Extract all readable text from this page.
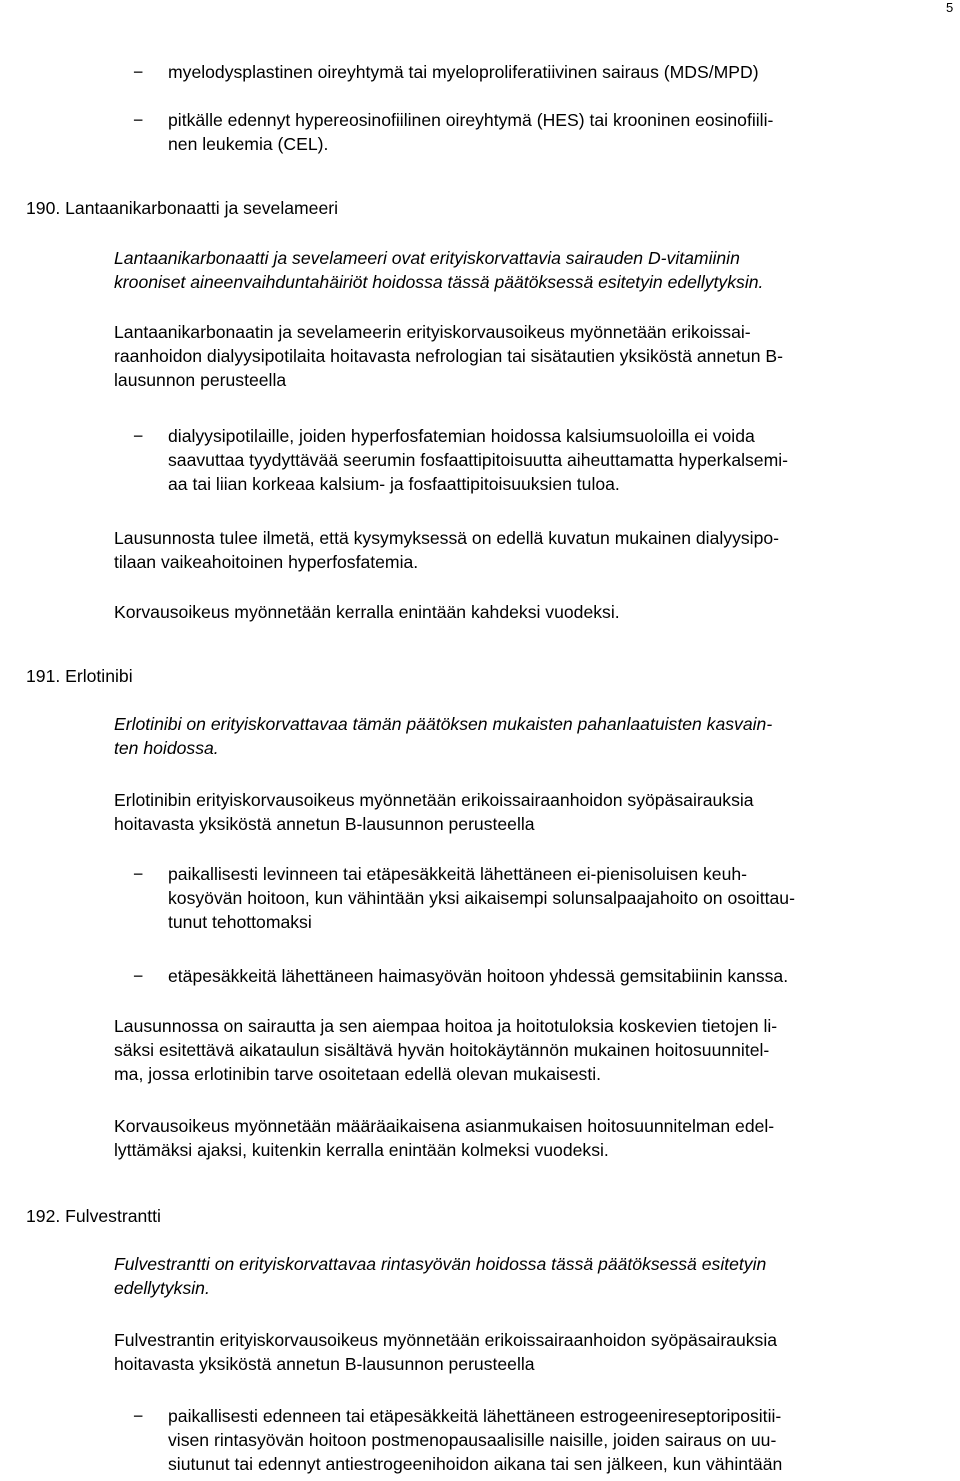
5
− myelodysplastinen oireyhtymä tai myeloproliferatiivinen sairaus (MDS/MPD)
− pitkälle edennyt hypereosinofiilinen oireyhtymä (HES) tai krooninen eosinofiili-
nen leukemia (CEL).
190. Lantaanikarbonaatti ja sevelameeri
Lantaanikarbonaatti ja sevelameeri ovat erityiskorvattavia sairauden D-vitamiinin
krooniset aineenvaihduntahäiriöt hoidossa tässä päätöksessä esitetyin edellytyksin.
Lantaanikarbonaatin ja sevelameerin erityiskorvausoikeus myönnetään erikoissai-
raanhoidon dialyysipotilaita hoitavasta nefrologian tai sisätautien yksiköstä annetun B-
lausunnon perusteella
− dialyysipotilaille, joiden hyperfosfatemian hoidossa kalsiumsuoloilla ei voida
saavuttaa tyydyttävää seerumin fosfaattipitoisuutta aiheuttamatta hyperkalsemi-
aa tai liian korkeaa kalsium- ja fosfaattipitoisuuksien tuloa.
Lausunnosta tulee ilmetä, että kysymyksessä on edellä kuvatun mukainen dialyysipo-
tilaan vaikeahoitoinen hyperfosfatemia.
Korvausoikeus myönnetään kerralla enintään kahdeksi vuodeksi.
191. Erlotinibi
Erlotinibi on erityiskorvattavaa tämän päätöksen mukaisten pahanlaatuisten kasvain-
ten hoidossa.
Erlotinibin erityiskorvausoikeus myönnetään erikoissairaanhoidon syöpäsairauksia
hoitavasta yksiköstä annetun B-lausunnon perusteella
− paikallisesti levinneen tai etäpesäkkeitä lähettäneen ei-pienisoluisen keuh-
kosyövän hoitoon, kun vähintään yksi aikaisempi solunsalpaajahoito on osoittau-
tunut tehottomaksi
− etäpesäkkeitä lähettäneen haimasyövän hoitoon yhdessä gemsitabiinin kanssa.
Lausunnossa on sairautta ja sen aiempaa hoitoa ja hoitotuloksia koskevien tietojen li-
säksi esitettävä aikataulun sisältävä hyvän hoitokäytännön mukainen hoitosuunnitel-
ma, jossa erlotinibin tarve osoitetaan edellä olevan mukaisesti.
Korvausoikeus myönnetään määräaikaisena asianmukaisen hoitosuunnitelman edel-
lyttämäksi ajaksi, kuitenkin kerralla enintään kolmeksi vuodeksi.
192. Fulvestrantti
Fulvestrantti on erityiskorvattavaa rintasyövän hoidossa tässä päätöksessä esitetyin
edellytyksin.
Fulvestrantin erityiskorvausoikeus myönnetään erikoissairaanhoidon syöpäsairauksia
hoitavasta yksiköstä annetun B-lausunnon perusteella
− paikallisesti edenneen tai etäpesäkkeitä lähettäneen estrogeenireseptoripositii-
visen rintasyövän hoitoon postmenopausaalisille naisille, joiden sairaus on uu-
siutunut tai edennyt antiestrogeenihoidon aikana tai sen jälkeen, kun vähintään
